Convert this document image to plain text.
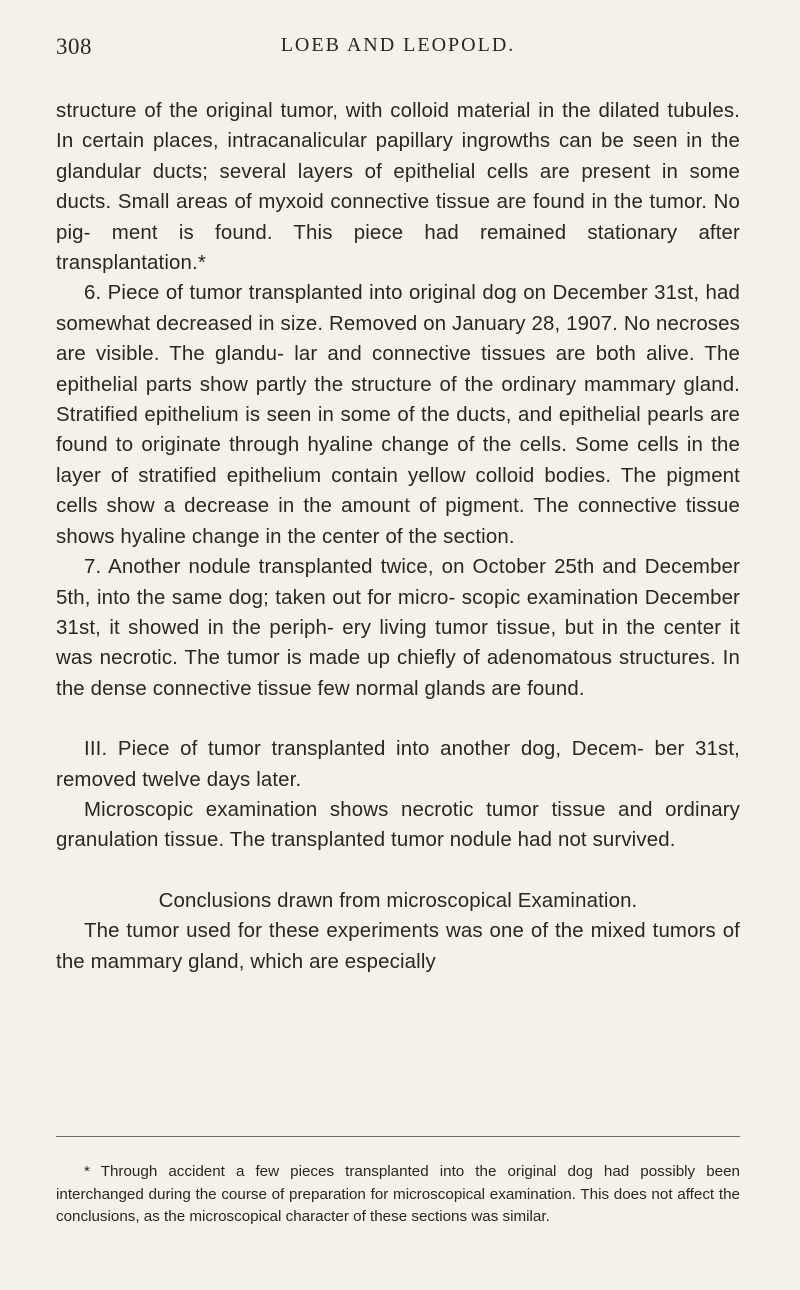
308	LOEB AND LEOPOLD.

structure of the original tumor, with colloid material in the dilated tubules. In certain places, intracanalicular papillary ingrowths can be seen in the glandular ducts; several layers of epithelial cells are present in some ducts. Small areas of myxoid connective tissue are found in the tumor. No pig- ment is found. This piece had remained stationary after transplantation.*

6. Piece of tumor transplanted into original dog on December 31st, had somewhat decreased in size. Removed on January 28, 1907. No necroses are visible. The glandu- lar and connective tissues are both alive. The epithelial parts show partly the structure of the ordinary mammary gland. Stratified epithelium is seen in some of the ducts, and epithelial pearls are found to originate through hyaline change of the cells. Some cells in the layer of stratified epithelium contain yellow colloid bodies. The pigment cells show a decrease in the amount of pigment. The connective tissue shows hyaline change in the center of the section.

7. Another nodule transplanted twice, on October 25th and December 5th, into the same dog; taken out for micro- scopic examination December 31st, it showed in the periph- ery living tumor tissue, but in the center it was necrotic. The tumor is made up chiefly of adenomatous structures. In the dense connective tissue few normal glands are found.

III. Piece of tumor transplanted into another dog, Decem- ber 31st, removed twelve days later.

Microscopic examination shows necrotic tumor tissue and ordinary granulation tissue. The transplanted tumor nodule had not survived.

Conclusions drawn from microscopical Examination.

The tumor used for these experiments was one of the mixed tumors of the mammary gland, which are especially

* Through accident a few pieces transplanted into the original dog had possibly been interchanged during the course of preparation for microscopical examination. This does not affect the conclusions, as the microscopical character of these sections was similar.
